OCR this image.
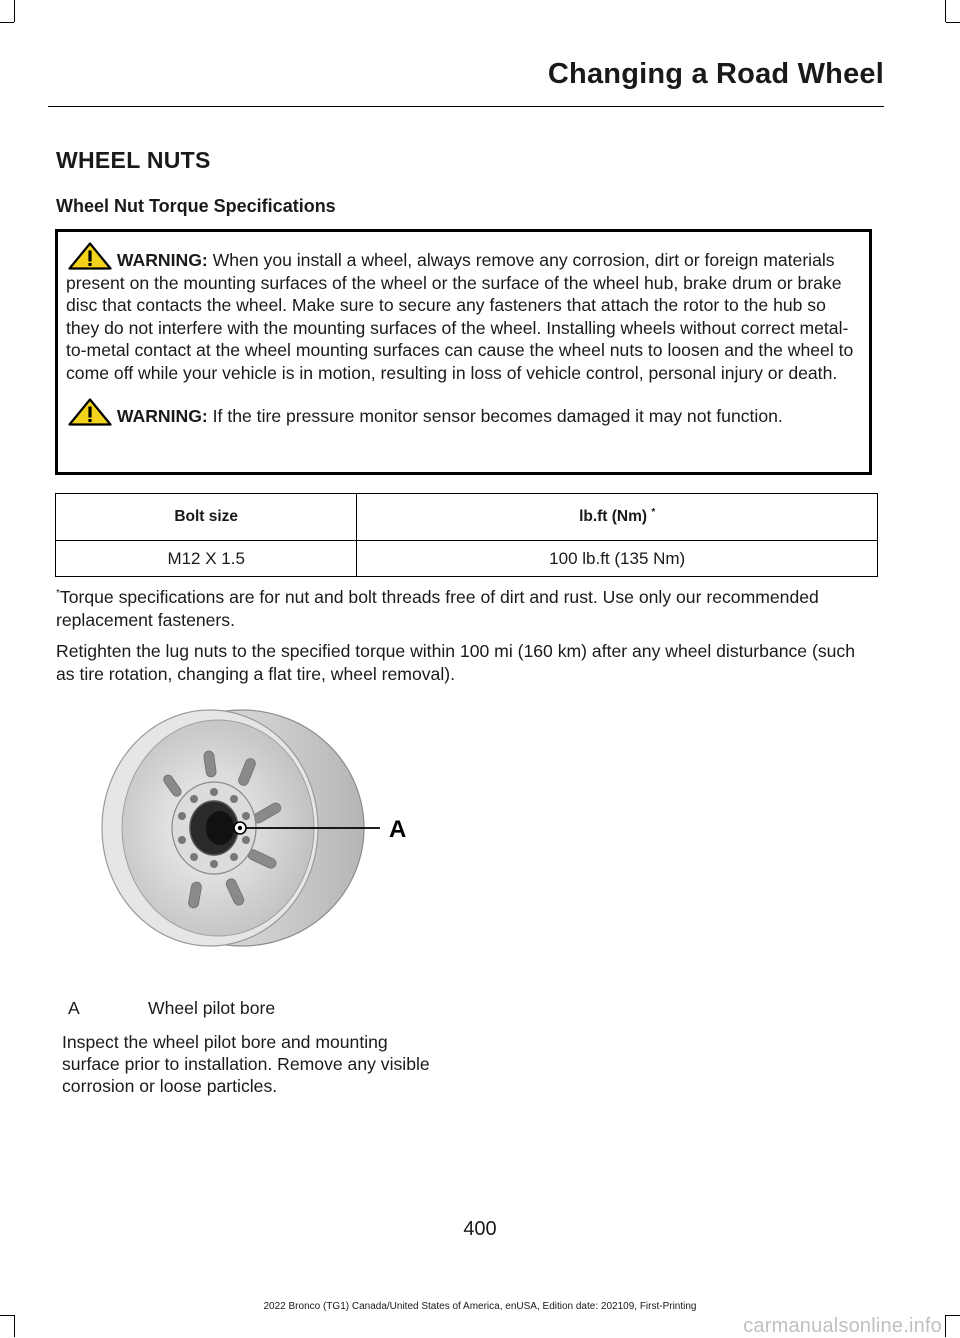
Changing a Road Wheel
WHEEL NUTS
Wheel Nut Torque Specifications

WARNING: When you install a wheel, always remove any corrosion, dirt or foreign materials present on the mounting surfaces of the wheel or the surface of the wheel hub, brake drum or brake disc that contacts the wheel. Make sure to secure any fasteners that attach the rotor to the hub so they do not interfere with the mounting surfaces of the wheel. Installing wheels without correct metal-to-metal contact at the wheel mounting surfaces can cause the wheel nuts to loosen and the wheel to come off while your vehicle is in motion, resulting in loss of vehicle control, personal injury or death.

WARNING: If the tire pressure monitor sensor becomes damaged it may not function.

Bolt size	lb.ft (Nm) *
M12 X 1.5	100 lb.ft (135 Nm)
*Torque specifications are for nut and bolt threads free of dirt and rust. Use only our recommended replacement fasteners.
Retighten the lug nuts to the specified torque within 100 mi (160 km) after any wheel disturbance (such as tire rotation, changing a flat tire, wheel removal).
A
A	Wheel pilot bore
Inspect the wheel pilot bore and mounting surface prior to installation. Remove any visible corrosion or loose particles.
400
2022 Bronco (TG1) Canada/United States of America, enUSA, Edition date: 202109, First-Printing
carmanualsonline.info
